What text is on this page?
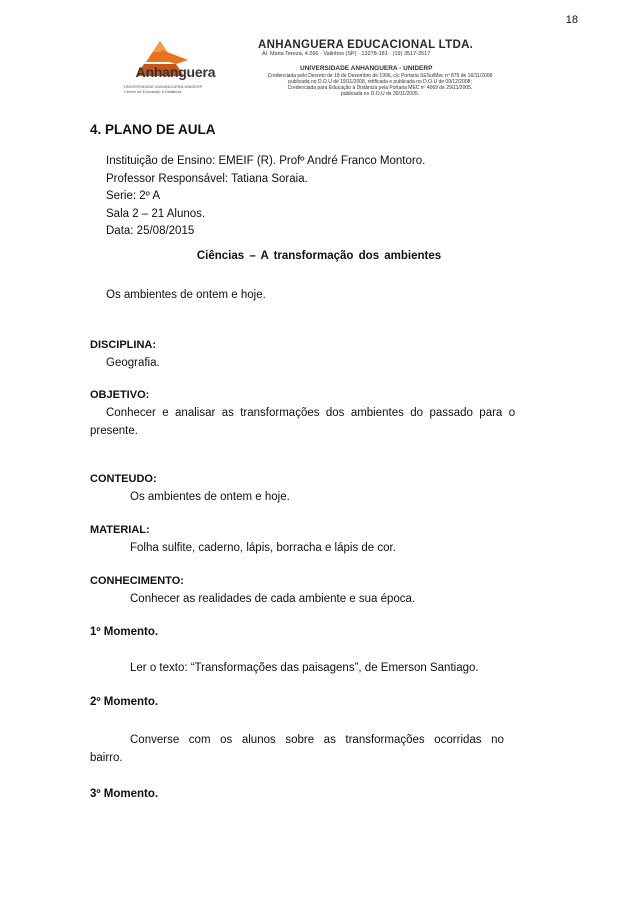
18
Anhanguera
UNIVERSIDADE ANHANGUERA-UNIDERP
Centro de Educação a Distância
ANHANGUERA EDUCACIONAL LTDA.
Al. Maria Tereza, 4.266 · Valinhos (SP) · 13278-181 · (19) 3517-3517
UNIVERSIDADE ANHANGUERA - UNIDERP
Credenciada pelo Decreto de 18 de Dezembro de 1996, c/c Portaria SESu/Mec nº 879 de 16/11/2008
publicada no D.O.U de 19/11/2008, retificada e publicada no D.O.U de 09/12/2008;
Credenciada para Educação à Distância pela Portaria MEC nº 4069 de 29/11/2005,
publicada no D.O.U de 30/11/2005.
4. PLANO DE AULA
Instituição de Ensino: EMEIF (R). Profº André Franco Montoro.
Professor Responsável: Tatiana Soraia.
Serie: 2º A
Sala 2 – 21 Alunos.
Data: 25/08/2015
Ciências – A transformação dos ambientes
Os ambientes de ontem e hoje.
DISCIPLINA:
Geografia.
OBJETIVO:
Conhecer  e  analisar  as  transformações  dos  ambientes  do  passado  para  o
presente.
CONTEUDO:
Os ambientes de ontem e hoje.
MATERIAL:
Folha sulfite, caderno, lápis, borracha e lápis de cor.
CONHECIMENTO:
Conhecer as realidades de cada ambiente e sua época.
1º Momento.
Ler o texto: “Transformações das paisagens”, de Emerson Santiago.
2º Momento.
Converse   com   os   alunos   sobre   as   transformações   ocorridas   no
bairro.
3º Momento.
